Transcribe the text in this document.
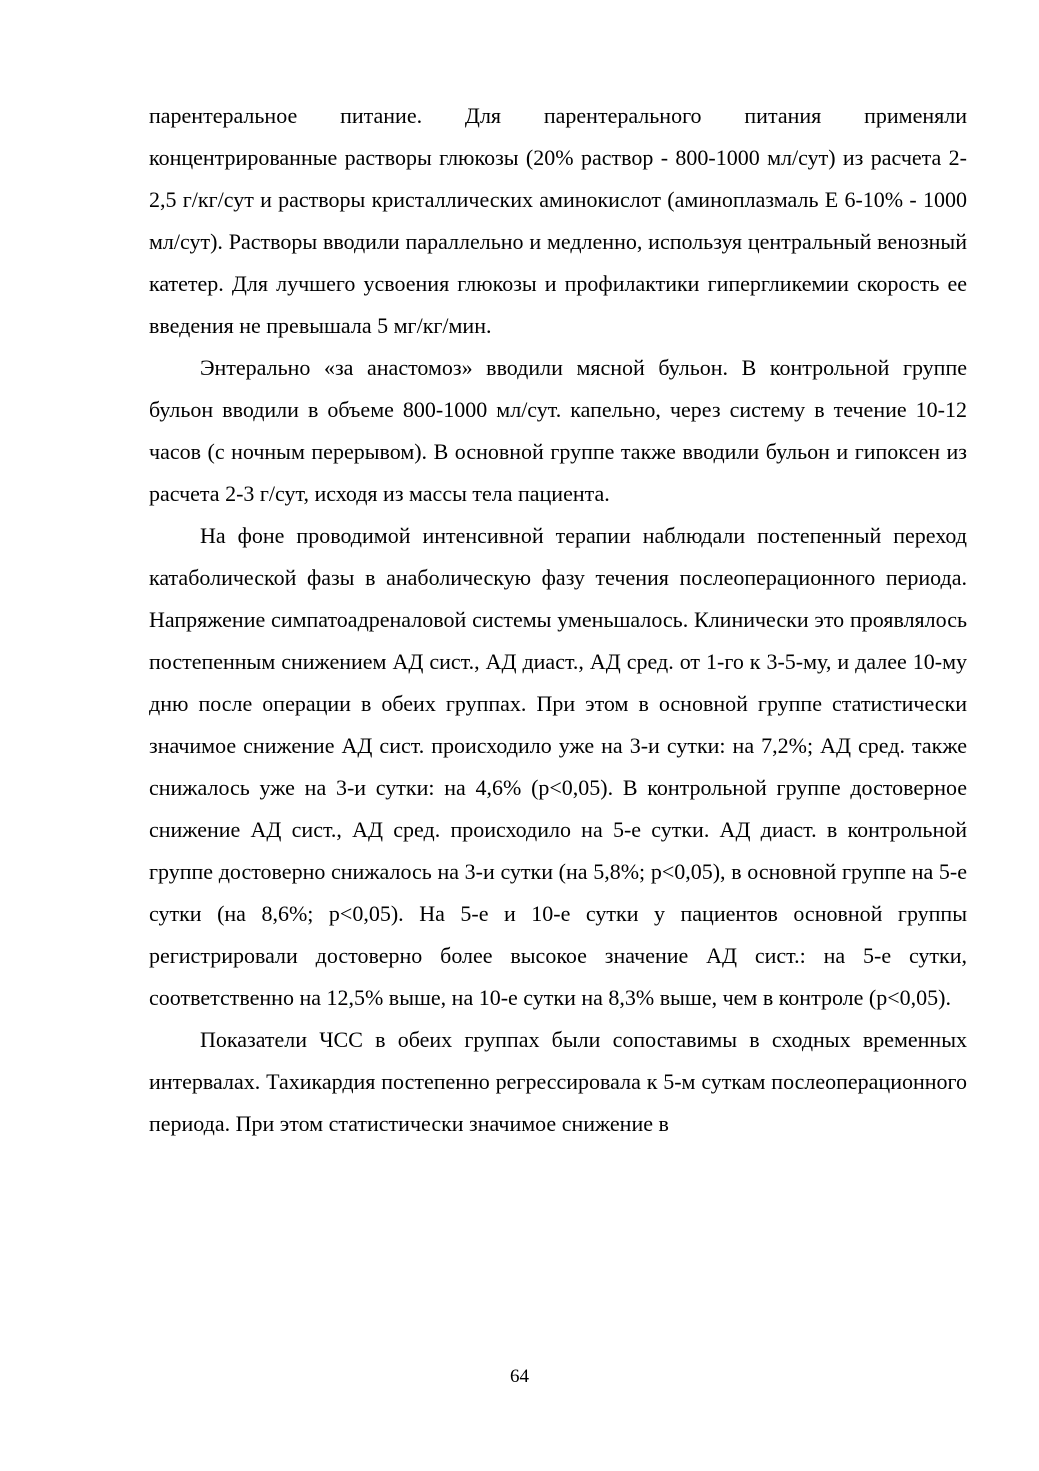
парентеральное питание. Для парентерального питания применяли концентрированные растворы глюкозы (20% раствор - 800-1000 мл/сут) из расчета 2-2,5 г/кг/сут и растворы кристаллических аминокислот (аминоплазмаль Е 6-10% - 1000 мл/сут). Растворы вводили параллельно и медленно, используя центральный венозный катетер. Для лучшего усвоения глюкозы и профилактики гипергликемии скорость ее введения не превышала 5 мг/кг/мин.

Энтерально «за анастомоз» вводили мясной бульон. В контрольной группе бульон вводили в объеме 800-1000 мл/сут. капельно, через систему в течение 10-12 часов (с ночным перерывом). В основной группе также вводили бульон и гипоксен из расчета 2-3 г/сут, исходя из массы тела пациента.

На фоне проводимой интенсивной терапии наблюдали постепенный переход катаболической фазы в анаболическую фазу течения послеоперационного периода. Напряжение симпатоадреналовой системы уменьшалось. Клинически это проявлялось постепенным снижением АД сист., АД диаст., АД сред. от 1-го к 3-5-му, и далее 10-му дню после операции в обеих группах. При этом в основной группе статистически значимое снижение АД сист. происходило уже на 3-и сутки: на 7,2%; АД сред. также снижалось уже на 3-и сутки: на 4,6% (р<0,05). В контрольной группе достоверное снижение АД сист., АД сред. происходило на 5-е сутки. АД диаст. в контрольной группе достоверно снижалось на 3-и сутки (на 5,8%; р<0,05), в основной группе на 5-е сутки (на 8,6%; р<0,05). На 5-е и 10-е сутки у пациентов основной группы регистрировали достоверно более высокое значение АД сист.: на 5-е сутки, соответственно на 12,5% выше, на 10-е сутки на 8,3% выше, чем в контроле (р<0,05).

Показатели ЧСС в обеих группах были сопоставимы в сходных временных интервалах. Тахикардия постепенно регрессировала к 5-м суткам послеоперационного периода. При этом статистически значимое снижение в

64
